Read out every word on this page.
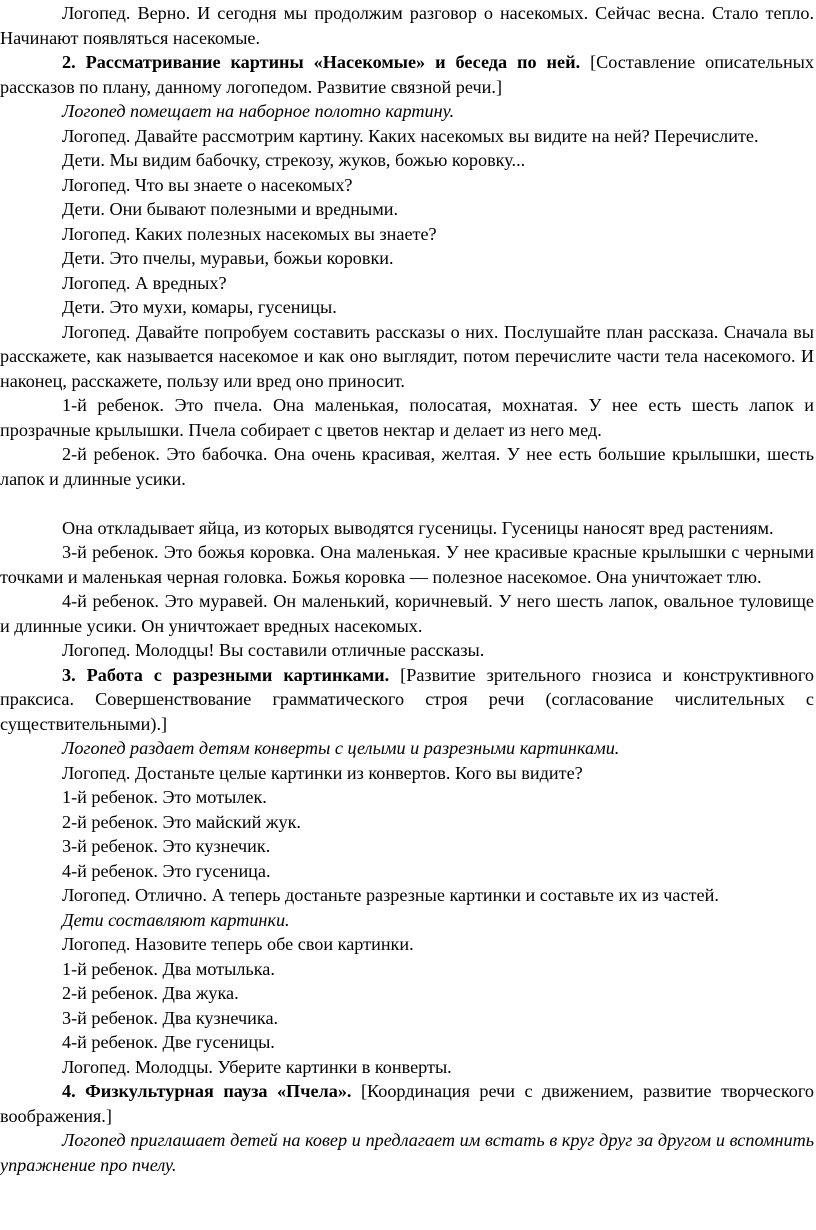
Логопед. Верно. И сегодня мы продолжим разговор о насекомых. Сейчас весна. Стало тепло. Начинают появляться насекомые.

2. Рассматривание картины «Насекомые» и беседа по ней. [Составление описательных рассказов по плану, данному логопедом. Развитие связной речи.]

Логопед помещает на наборное полотно картину.

Логопед. Давайте рассмотрим картину. Каких насекомых вы видите на ней? Перечислите.

Дети. Мы видим бабочку, стрекозу, жуков, божью коровку...

Логопед. Что вы знаете о насекомых?

Дети. Они бывают полезными и вредными.

Логопед. Каких полезных насекомых вы знаете?

Дети. Это пчелы, муравьи, божьи коровки.

Логопед. А вредных?

Дети. Это мухи, комары, гусеницы.

Логопед. Давайте попробуем составить рассказы о них. Послушайте план рассказа. Сначала вы расскажете, как называется насекомое и как оно выглядит, потом перечислите части тела насекомого. И наконец, расскажете, пользу или вред оно приносит.

1-й ребенок. Это пчела. Она маленькая, полосатая, мохнатая. У нее есть шесть лапок и прозрачные крылышки. Пчела собирает с цветов нектар и делает из него мед.

2-й ребенок. Это бабочка. Она очень красивая, желтая. У нее есть большие крылышки, шесть лапок и длинные усики.

Она откладывает яйца, из которых выводятся гусеницы. Гусеницы наносят вред растениям.

3-й ребенок. Это божья коровка. Она маленькая. У нее красивые красные крылышки с черными точками и маленькая черная головка. Божья коровка — полезное насекомое. Она уничтожает тлю.

4-й ребенок. Это муравей. Он маленький, коричневый. У него шесть лапок, овальное туловище и длинные усики. Он уничтожает вредных насекомых.

Логопед. Молодцы! Вы составили отличные рассказы.

3. Работа с разрезными картинками. [Развитие зрительного гнозиса и конструктивного праксиса. Совершенствование грамматического строя речи (согласование числительных с существительными).]

Логопед раздает детям конверты с целыми и разрезными картинками.

Логопед. Достаньте целые картинки из конвертов. Кого вы видите?

1-й ребенок. Это мотылек.

2-й ребенок. Это майский жук.

3-й ребенок. Это кузнечик.

4-й ребенок. Это гусеница.

Логопед. Отлично. А теперь достаньте разрезные картинки и составьте их из частей.

Дети составляют картинки.

Логопед. Назовите теперь обе свои картинки.

1-й ребенок. Два мотылька.

2-й ребенок. Два жука.

3-й ребенок. Два кузнечика.

4-й ребенок. Две гусеницы.

Логопед. Молодцы. Уберите картинки в конверты.

4. Физкультурная пауза «Пчела». [Координация речи с движением, развитие творческого воображения.]

Логопед приглашает детей на ковер и предлагает им встать в круг друг за другом и вспомнить упражнение про пчелу.
